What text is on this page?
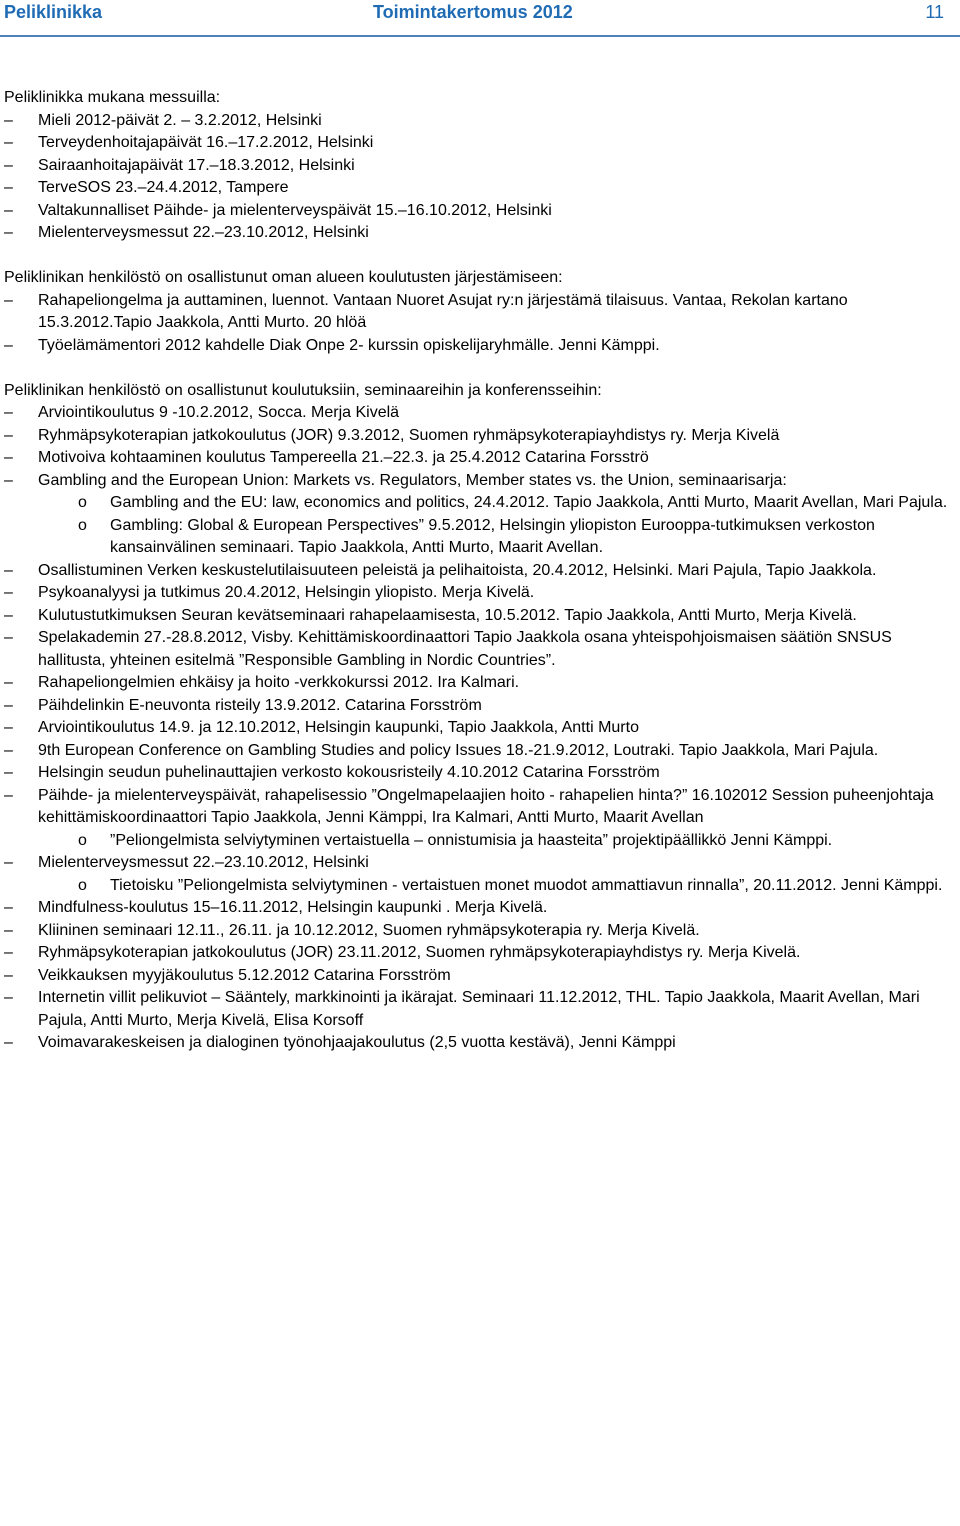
Peliklinikka	Toimintakertomus 2012	11

Peliklinikka mukana messuilla:

–	Mieli 2012-päivät 2. – 3.2.2012, Helsinki
–	Terveydenhoitajapäivät 16.–17.2.2012, Helsinki
–	Sairaanhoitajapäivät 17.–18.3.2012, Helsinki
–	TerveSOS 23.–24.4.2012, Tampere
–	Valtakunnalliset Päihde- ja mielenterveyspäivät 15.–16.10.2012, Helsinki
–	Mielenterveysmessut 22.–23.10.2012, Helsinki

Peliklinikan henkilöstö on osallistunut oman alueen koulutusten järjestämiseen:

–	Rahapeliongelma ja auttaminen, luennot. Vantaan Nuoret Asujat ry:n järjestämä tilaisuus. Vantaa, Rekolan kartano 15.3.2012.Tapio Jaakkola, Antti Murto. 20 hlöä
–	Työelämämentori 2012 kahdelle Diak Onpe 2- kurssin opiskelijaryhmälle. Jenni Kämppi.

Peliklinikan henkilöstö on osallistunut koulutuksiin, seminaareihin ja konferensseihin:

–	Arviointikoulutus 9 -10.2.2012, Socca. Merja Kivelä
–	Ryhmäpsykoterapian jatkokoulutus (JOR) 9.3.2012, Suomen ryhmäpsykoterapiayhdistys ry. Merja Kivelä
–	Motivoiva kohtaaminen koulutus Tampereella 21.–22.3. ja 25.4.2012 Catarina Forsströ
–	Gambling and the European Union: Markets vs. Regulators, Member states vs. the Union, seminaarisarja:
o Gambling and the EU: law, economics and politics, 24.4.2012. Tapio Jaakkola, Antti Murto, Maarit Avellan, Mari Pajula.
o Gambling: Global & European Perspectives” 9.5.2012, Helsingin yliopiston Eurooppa-tutkimuksen verkoston kansainvälinen seminaari. Tapio Jaakkola, Antti Murto, Maarit Avellan.
–	Osallistuminen Verken keskustelutilaisuuteen peleistä ja pelihaitoista, 20.4.2012, Helsinki. Mari Pajula, Tapio Jaakkola.
–	Psykoanalyysi ja tutkimus 20.4.2012, Helsingin yliopisto. Merja Kivelä.
–	Kulutustutkimuksen Seuran kevätseminaari rahapelaamisesta, 10.5.2012. Tapio Jaakkola, Antti Murto, Merja Kivelä.
–	Spelakademin 27.-28.8.2012, Visby. Kehittämiskoordinaattori Tapio Jaakkola osana yhteispohjoismaisen säätiön SNSUS hallitusta, yhteinen esitelmä ”Responsible Gambling in Nordic Countries”.
–	Rahapeliongelmien ehkäisy ja hoito -verkkokurssi 2012. Ira Kalmari.
–	Päihdelinkin E-neuvonta risteily 13.9.2012. Catarina Forsström
–	Arviointikoulutus 14.9. ja 12.10.2012, Helsingin kaupunki, Tapio Jaakkola, Antti Murto
–	9th European Conference on Gambling Studies and policy Issues 18.-21.9.2012, Loutraki. Tapio Jaakkola, Mari Pajula.
–	Helsingin seudun puhelinauttajien verkosto kokousristeily 4.10.2012 Catarina Forsström
–	Päihde- ja mielenterveyspäivät, rahapelisessio ”Ongelmapelaajien hoito - rahapelien hinta?” 16.102012 Session puheenjohtaja kehittämiskoordinaattori Tapio Jaakkola, Jenni Kämppi, Ira Kalmari, Antti Murto, Maarit Avellan
o ”Peliongelmista selviytyminen vertaistuella – onnistumisia ja haasteita” projektipäällikkö Jenni Kämppi.
–	Mielenterveysmessut 22.–23.10.2012, Helsinki
o Tietoisku ”Peliongelmista selviytyminen - vertaistuen monet muodot ammattiavun rinnalla”, 20.11.2012. Jenni Kämppi.
–	Mindfulness-koulutus 15–16.11.2012, Helsingin kaupunki . Merja Kivelä.
–	Kliininen seminaari 12.11., 26.11. ja 10.12.2012, Suomen ryhmäpsykoterapia ry. Merja Kivelä.
–	Ryhmäpsykoterapian jatkokoulutus (JOR) 23.11.2012, Suomen ryhmäpsykoterapiayhdistys ry. Merja Kivelä.
–	Veikkauksen myyjäkoulutus 5.12.2012 Catarina Forsström
–	Internetin villit pelikuviot – Sääntely, markkinointi ja ikärajat. Seminaari 11.12.2012, THL. Tapio Jaakkola, Maarit Avellan, Mari Pajula, Antti Murto, Merja Kivelä, Elisa Korsoff
–	Voimavarakeskeisen ja dialoginen työnohjaajakoulutus (2,5 vuotta kestävä), Jenni Kämppi
